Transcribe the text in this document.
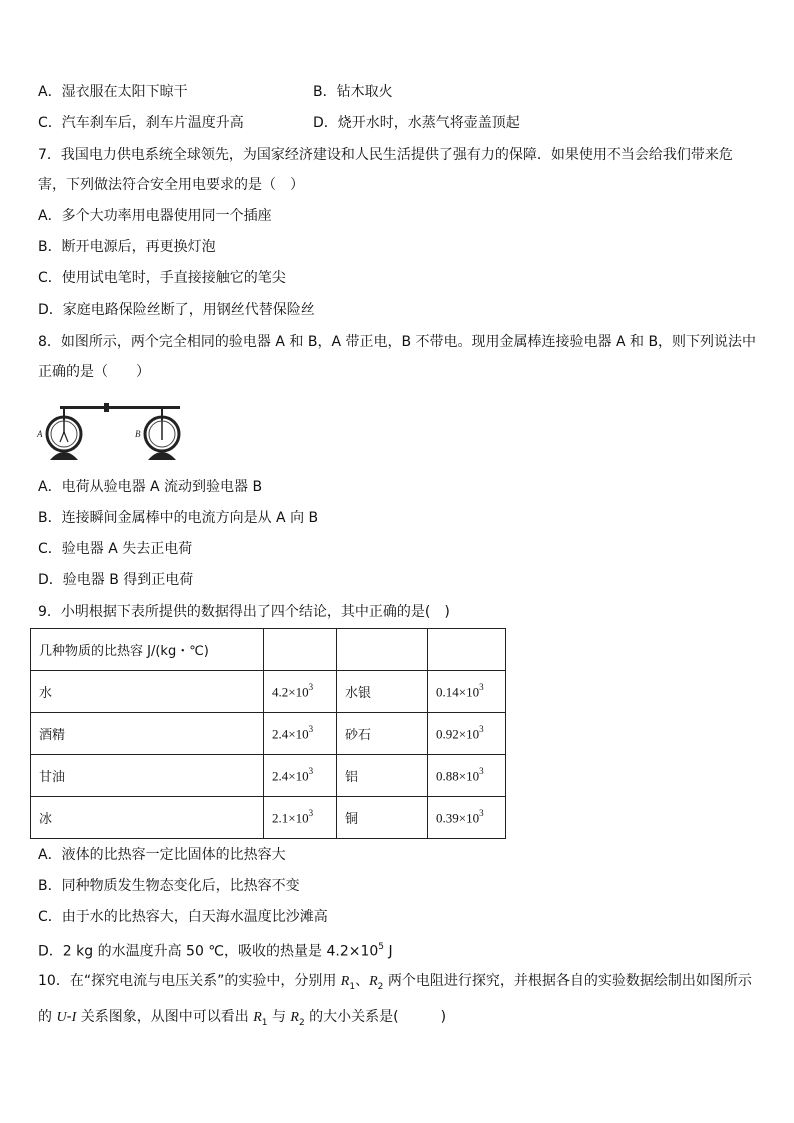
A．湿衣服在太阳下晾干	B．钻木取火
C．汽车刹车后，刹车片温度升高	D．烧开水时，水蒸气将壶盖顶起
7．我国电力供电系统全球领先，为国家经济建设和人民生活提供了强有力的保障．如果使用不当会给我们带来危害，下列做法符合安全用电要求的是（　）
A．多个大功率用电器使用同一个插座
B．断开电源后，再更换灯泡
C．使用试电笔时，手直接接触它的笔尖
D．家庭电路保险丝断了，用钢丝代替保险丝
8．如图所示，两个完全相同的验电器 A 和 B，A 带正电，B 不带电。现用金属棒连接验电器 A 和 B，则下列说法中正确的是（　　）
A	B
A．电荷从验电器 A 流动到验电器 B
B．连接瞬间金属棒中的电流方向是从 A 向 B
C．验电器 A 失去正电荷
D．验电器 B 得到正电荷
9．小明根据下表所提供的数据得出了四个结论，其中正确的是(　)
几种物质的比热容 J/(kg・℃)			
水	$4.2\times 10^3$	水银	$0.14\times 10^3$
酒精	$2.4\times 10^3$	砂石	$0.92\times 10^3$
甘油	$2.4\times 10^3$	铝	$0.88\times 10^3$
冰	$2.1\times 10^3$	铜	$0.39\times 10^3$
A．液体的比热容一定比固体的比热容大
B．同种物质发生物态变化后，比热容不变
C．由于水的比热容大，白天海水温度比沙滩高
D．2 kg 的水温度升高 50 ℃，吸收的热量是 $4.2\times 10^5$ J
10．在“探究电流与电压关系”的实验中，分别用 $R_1$、$R_2$ 两个电阻进行探究，并根据各自的实验数据绘制出如图所示的 U-I 关系图象，从图中可以看出 $R_1$ 与 $R_2$ 的大小关系是(　　　)
